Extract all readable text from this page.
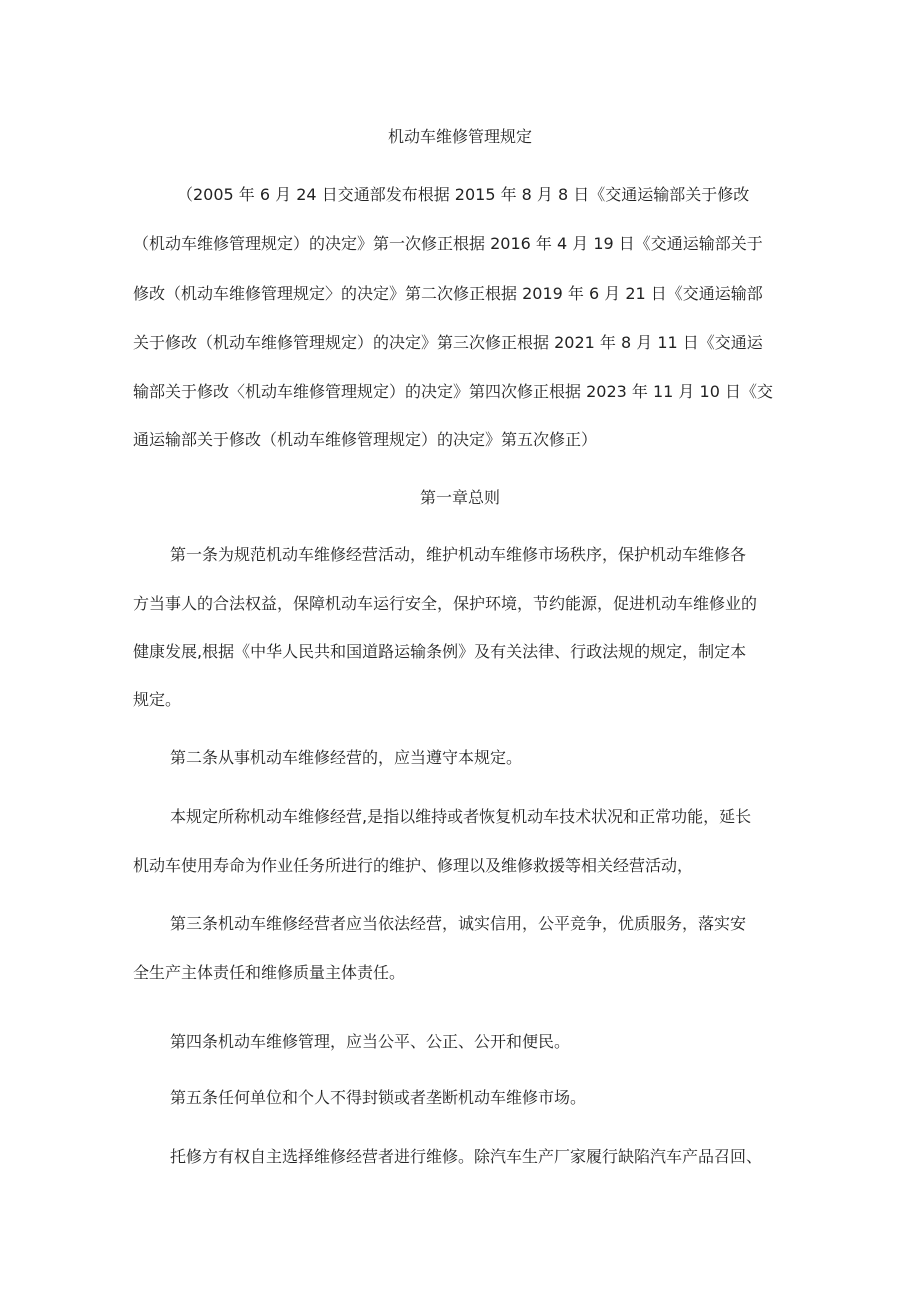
机动车维修管理规定
（2005 年 6 月 24 日交通部发布根据 2015 年 8 月 8 日《交通运输部关于修改
（机动车维修管理规定）的决定》第一次修正根据 2016 年 4 月 19 日《交通运输部关于
修改（机动车维修管理规定〉的决定》第二次修正根据 2019 年 6 月 21 日《交通运输部
关于修改（机动车维修管理规定）的决定》第三次修正根据 2021 年 8 月 11 日《交通运
输部关于修改〈机动车维修管理规定）的决定》第四次修正根据 2023 年 11 月 10 日《交
通运输部关于修改（机动车维修管理规定）的决定》第五次修正）
第一章总则
第一条为规范机动车维修经营活动，维护机动车维修市场秩序，保护机动车维修各
方当事人的合法权益，保障机动车运行安全，保护环境，节约能源，促进机动车维修业的
健康发展,根据《中华人民共和国道路运输条例》及有关法律、行政法规的规定，制定本
规定。
第二条从事机动车维修经营的，应当遵守本规定。
本规定所称机动车维修经营,是指以维持或者恢复机动车技术状况和正常功能，延长
机动车使用寿命为作业任务所进行的维护、修理以及维修救援等相关经营活动，
第三条机动车维修经营者应当依法经营，诚实信用，公平竞争，优质服务，落实安
全生产主体责任和维修质量主体责任。
第四条机动车维修管理，应当公平、公正、公开和便民。
第五条任何单位和个人不得封锁或者垄断机动车维修市场。
托修方有权自主选择维修经营者进行维修。除汽车生产厂家履行缺陷汽车产品召回、
